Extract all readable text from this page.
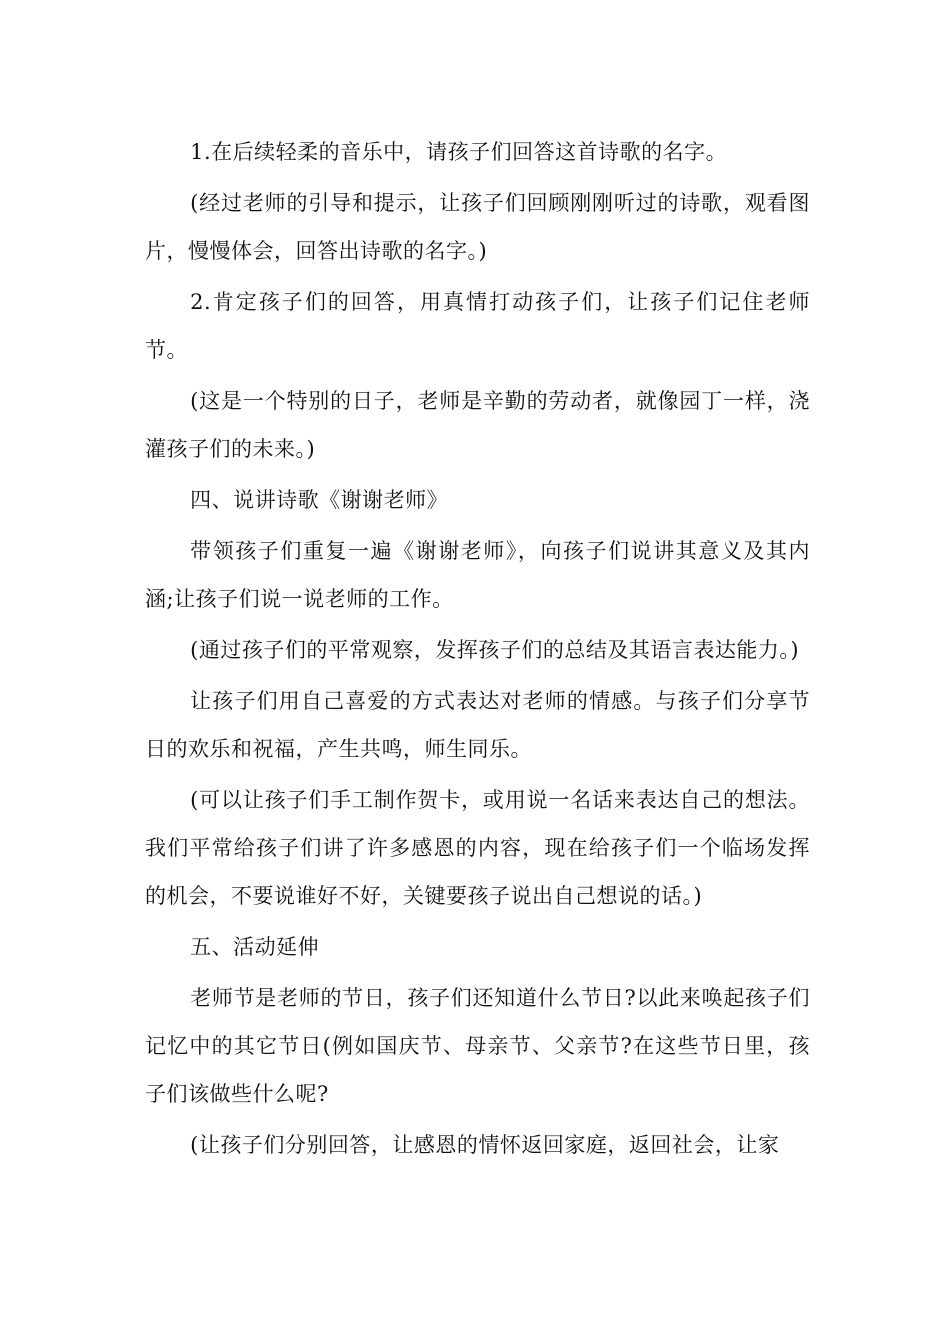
1.在后续轻柔的音乐中，请孩子们回答这首诗歌的名字。

(经过老师的引导和提示，让孩子们回顾刚刚听过的诗歌，观看图片，慢慢体会，回答出诗歌的名字。)

2.肯定孩子们的回答，用真情打动孩子们，让孩子们记住老师节。

(这是一个特别的日子，老师是辛勤的劳动者，就像园丁一样，浇灌孩子们的未来。)

四、说讲诗歌《谢谢老师》

带领孩子们重复一遍《谢谢老师》，向孩子们说讲其意义及其内涵;让孩子们说一说老师的工作。

(通过孩子们的平常观察，发挥孩子们的总结及其语言表达能力。)

让孩子们用自己喜爱的方式表达对老师的情感。与孩子们分享节日的欢乐和祝福，产生共鸣，师生同乐。

(可以让孩子们手工制作贺卡，或用说一名话来表达自己的想法。我们平常给孩子们讲了许多感恩的内容，现在给孩子们一个临场发挥的机会，不要说谁好不好，关键要孩子说出自己想说的话。)

五、活动延伸

老师节是老师的节日，孩子们还知道什么节日?以此来唤起孩子们记忆中的其它节日(例如国庆节、母亲节、父亲节?在这些节日里，孩子们该做些什么呢?

(让孩子们分别回答，让感恩的情怀返回家庭，返回社会，让家
